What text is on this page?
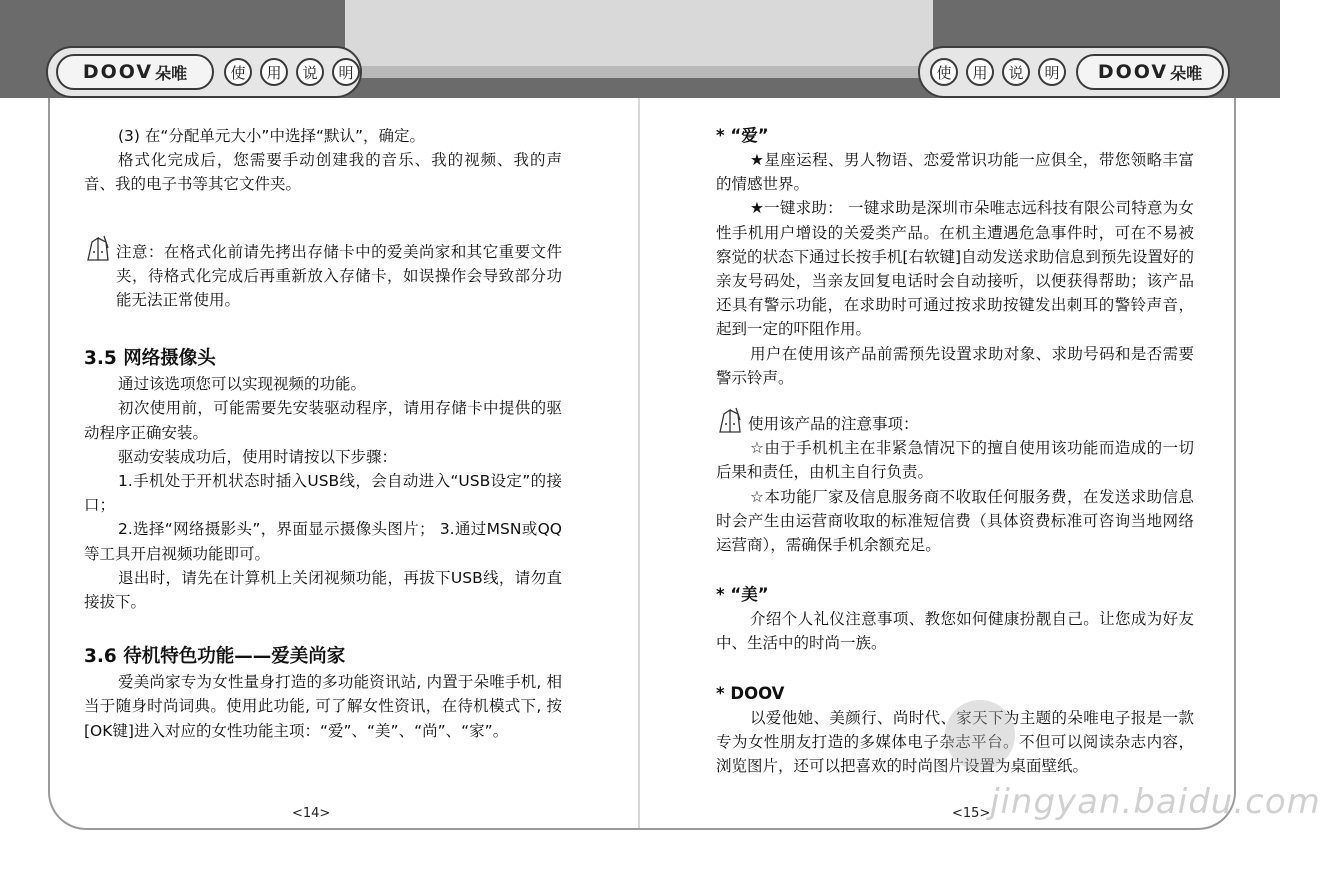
DOOV 朵唯	使	用	说	明	使	用	说	明	DOOV 朵唯

(3) 在“分配单元大小”中选择“默认”，确定。

格式化完成后，您需要手动创建我的音乐、我的视频、我的声音、我的电子书等其它文件夹。

注意：在格式化前请先拷出存储卡中的爱美尚家和其它重要文件夹，待格式化完成后再重新放入存储卡，如误操作会导致部分功能无法正常使用。

3.5 网络摄像头

通过该选项您可以实现视频的功能。

初次使用前，可能需要先安装驱动程序，请用存储卡中提供的驱动程序正确安装。

驱动安装成功后，使用时请按以下步骤：

1.手机处于开机状态时插入USB线，会自动进入“USB设定”的接口；

2.选择“网络摄影头”，界面显示摄像头图片； 3.通过MSN或QQ等工具开启视频功能即可。

退出时，请先在计算机上关闭视频功能，再拔下USB线，请勿直接拔下。

3.6 待机特色功能——爱美尚家

爱美尚家专为女性量身打造的多功能资讯站, 内置于朵唯手机, 相当于随身时尚词典。使用此功能, 可了解女性资讯，在待机模式下, 按[OK键]进入对应的女性功能主项：“爱”、“美”、“尚”、“家”。

<14>

* “爱”

★星座运程、男人物语、恋爱常识功能一应俱全，带您领略丰富的情感世界。

★一键求助： 一键求助是深圳市朵唯志远科技有限公司特意为女性手机用户增设的关爱类产品。在机主遭遇危急事件时，可在不易被察觉的状态下通过长按手机[右软键]自动发送求助信息到预先设置好的亲友号码处，当亲友回复电话时会自动接听，以便获得帮助；该产品还具有警示功能，在求助时可通过按求助按键发出刺耳的警铃声音，起到一定的吓阻作用。

用户在使用该产品前需预先设置求助对象、求助号码和是否需要警示铃声。

使用该产品的注意事项：

☆由于手机机主在非紧急情况下的擅自使用该功能而造成的一切后果和责任，由机主自行负责。

☆本功能厂家及信息服务商不收取任何服务费，在发送求助信息时会产生由运营商收取的标准短信费（具体资费标准可咨询当地网络运营商），需确保手机余额充足。

* “美”

介绍个人礼仪注意事项、教您如何健康扮靓自己。让您成为好友中、生活中的时尚一族。

* DOOV

以爱他她、美颜行、尚时代、家天下为主题的朵唯电子报是一款专为女性朋友打造的多媒体电子杂志平台。不但可以阅读杂志内容，浏览图片，还可以把喜欢的时尚图片设置为桌面壁纸。

<15> jingyan.baidu.com
